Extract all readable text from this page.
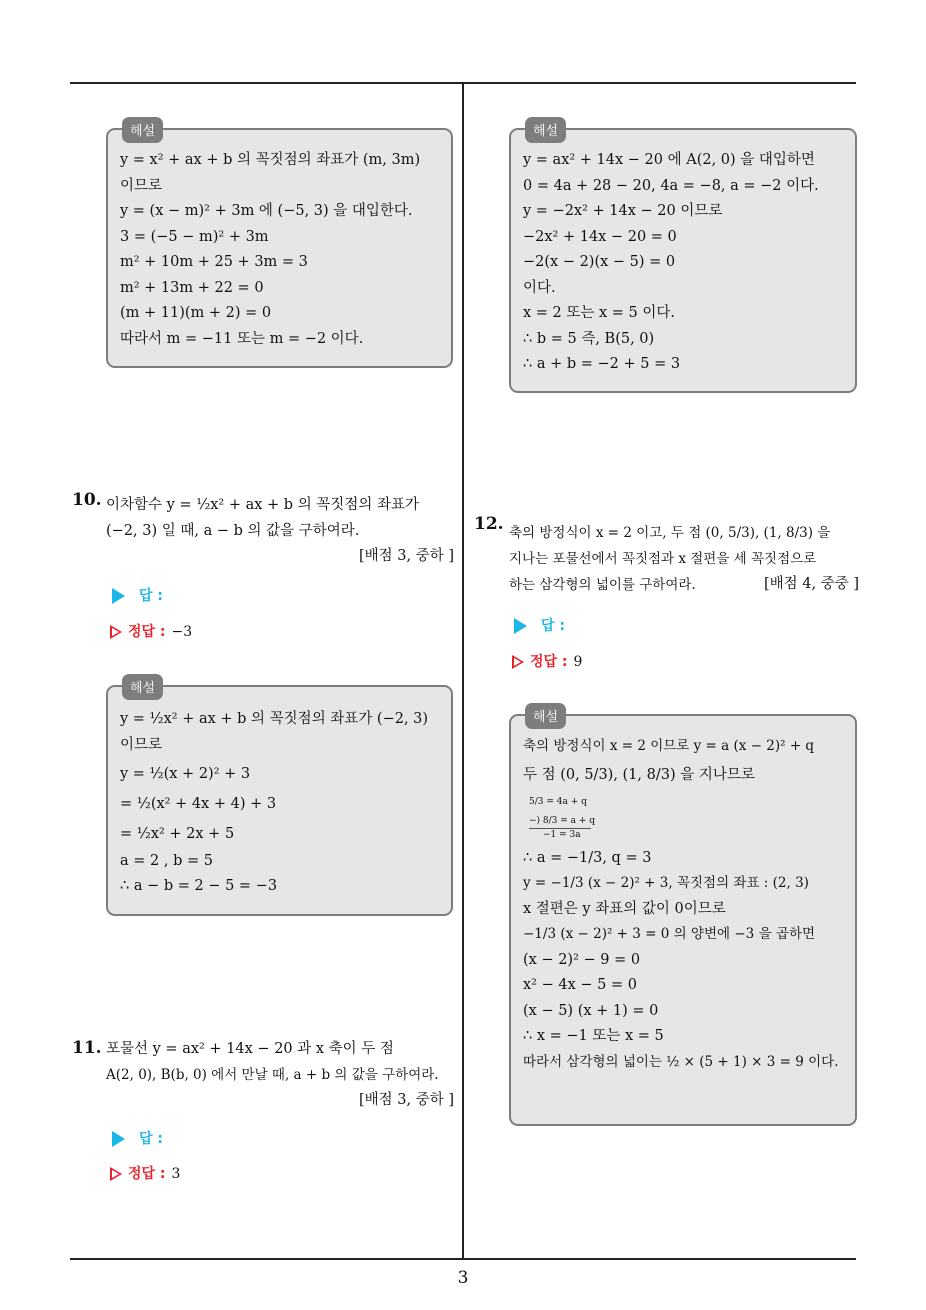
해설
y = x² + ax + b 의 꼭짓점의 좌표가 (m, 3m)
이므로
y = (x − m)² + 3m 에 (−5, 3) 을 대입한다.
3 = (−5 − m)² + 3m
m² + 10m + 25 + 3m = 3
m² + 13m + 22 = 0
(m + 11)(m + 2) = 0
따라서 m = −11 또는 m = −2 이다.
10. 이차함수 y = ½x² + ax + b 의 꼭짓점의 좌표가
(−2, 3) 일 때, a − b 의 값을 구하여라.
[배점 3, 중하 ]
답 :
정답 : −3
해설
y = ½x² + ax + b 의 꼭짓점의 좌표가 (−2, 3)
이므로
y = ½(x + 2)² + 3
= ½(x² + 4x + 4) + 3
= ½x² + 2x + 5
a = 2 , b = 5
∴ a − b = 2 − 5 = −3
11. 포물선 y = ax² + 14x − 20 과 x 축이 두 점
A(2, 0), B(b, 0) 에서 만날 때, a + b 의 값을 구하여라.
[배점 3, 중하 ]
답 :
정답 : 3
해설
y = ax² + 14x − 20 에 A(2, 0) 을 대입하면
0 = 4a + 28 − 20, 4a = −8, a = −2 이다.
y = −2x² + 14x − 20 이므로
−2x² + 14x − 20 = 0
−2(x − 2)(x − 5) = 0
이다.
x = 2 또는 x = 5 이다.
∴ b = 5 즉, B(5, 0)
∴ a + b = −2 + 5 = 3
12. 축의 방정식이 x = 2 이고, 두 점 (0, 5/3), (1, 8/3) 을
지나는 포물선에서 꼭짓점과 x 절편을 세 꼭짓점으로
하는 삼각형의 넓이를 구하여라.	[배점 4, 중중 ]
답 :
정답 : 9
해설
축의 방정식이 x = 2 이므로 y = a (x − 2)² + q
두 점 (0, 5/3), (1, 8/3) 을 지나므로
5/3 = 4a + q
−) 8/3 = a + q
−1 = 3a
∴ a = −1/3, q = 3
y = −1/3 (x − 2)² + 3, 꼭짓점의 좌표 : (2, 3)
x 절편은 y 좌표의 값이 0이므로
−1/3 (x − 2)² + 3 = 0 의 양변에 −3 을 곱하면
(x − 2)² − 9 = 0
x² − 4x − 5 = 0
(x − 5) (x + 1) = 0
∴ x = −1 또는 x = 5
따라서 삼각형의 넓이는 ½ × (5 + 1) × 3 = 9 이다.
3
